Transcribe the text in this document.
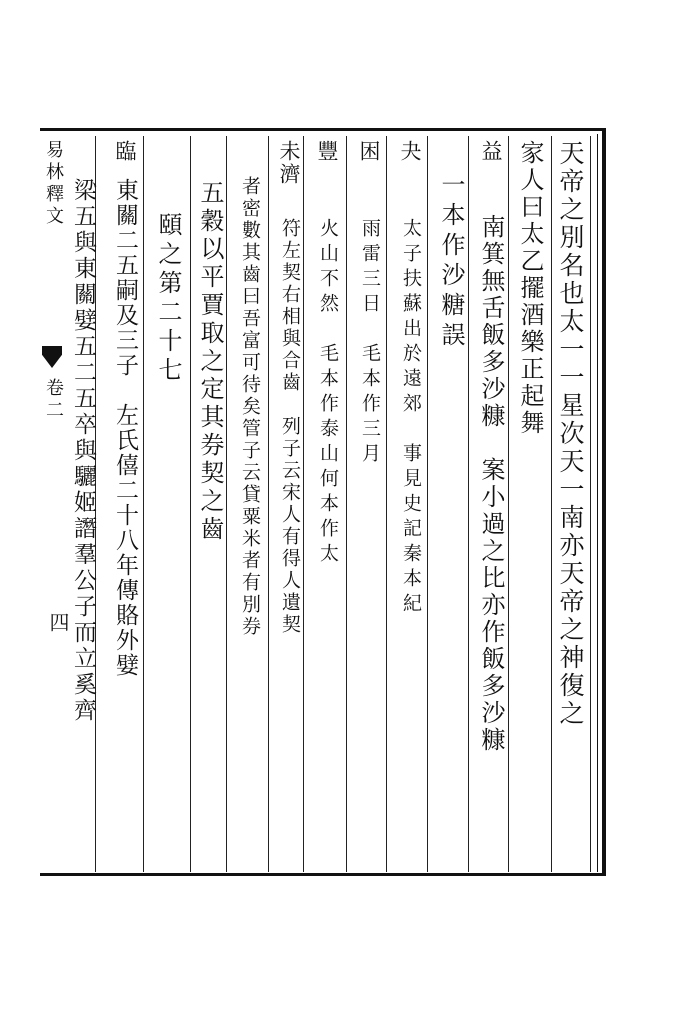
天帝之別名也太一一星次天一南亦天帝之神復之
家人曰太乙擺酒樂正起舞
益
南箕無舌飯多沙糠　案小過之比亦作飯多沙糠
一本作沙糖誤
夬
太子扶蘇出於遠郊　事見史記秦本紀
困
雨雷三日　毛本作三月
豐
火山不然　毛本作泰山何本作太
未濟
符左契右相與合齒　列子云宋人有得人遺契
者密數其齒曰吾富可待矣管子云貸粟米者有別券
五穀以平賈取之定其券契之齒
頤之第二十七
臨
東關二五嗣及三子　左氏僖二十八年傳賂外嬖
梁五與東關嬖五二五卒與驪姬譖羣公子而立奚齊
易林釋文
卷二
四
